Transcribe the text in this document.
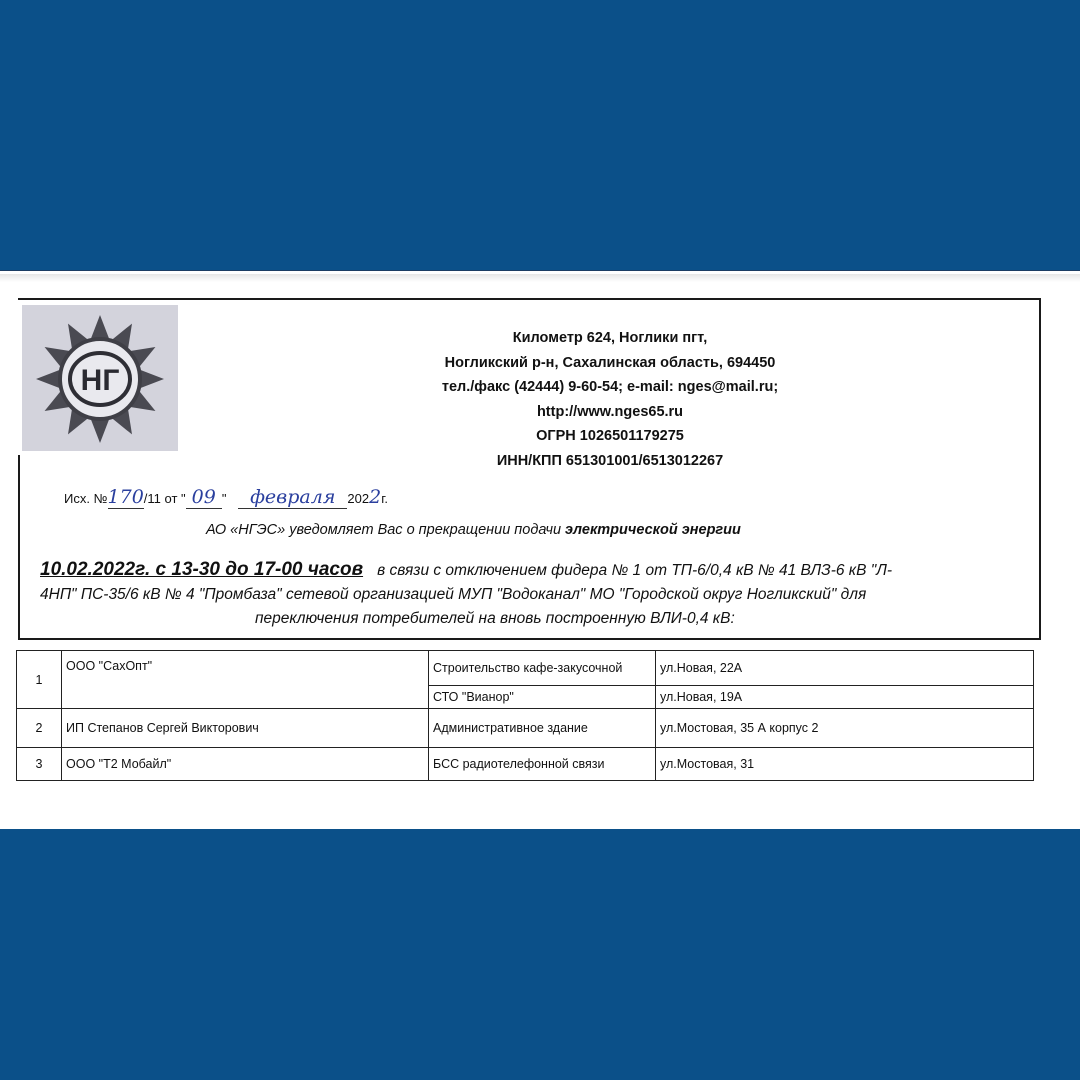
НГ
Километр 624, Ноглики пгт,
Ногликский р-н, Сахалинская область, 694450
тел./факс (42444) 9-60-54; e-mail: nges@mail.ru;
http://www.nges65.ru
ОГРН 1026501179275
ИНН/КПП 651301001/6513012267
Исх. №170/11 от " 09 " февраля 2022г.
АО «НГЭС» уведомляет Вас о прекращении подачи электрической энергии
10.02.2022г. с 13-30 до 17-00 часов в связи с отключением фидера № 1 от ТП-6/0,4 кВ № 41 ВЛЗ-6 кВ "Л-
4НП" ПС-35/6 кВ № 4 "Промбаза" сетевой организацией МУП "Водоканал" МО "Городской округ Ногликский" для
переключения потребителей на вновь построенную ВЛИ-0,4 кВ:
1	ООО "СахОпт"	Строительство кафе-закусочной	ул.Новая, 22А
		СТО "Вианор"	ул.Новая, 19А
2	ИП Степанов Сергей Викторович	Административное здание	ул.Мостовая, 35 А корпус 2
3	ООО "Т2 Мобайл"	БСС радиотелефонной связи	ул.Мостовая, 31
